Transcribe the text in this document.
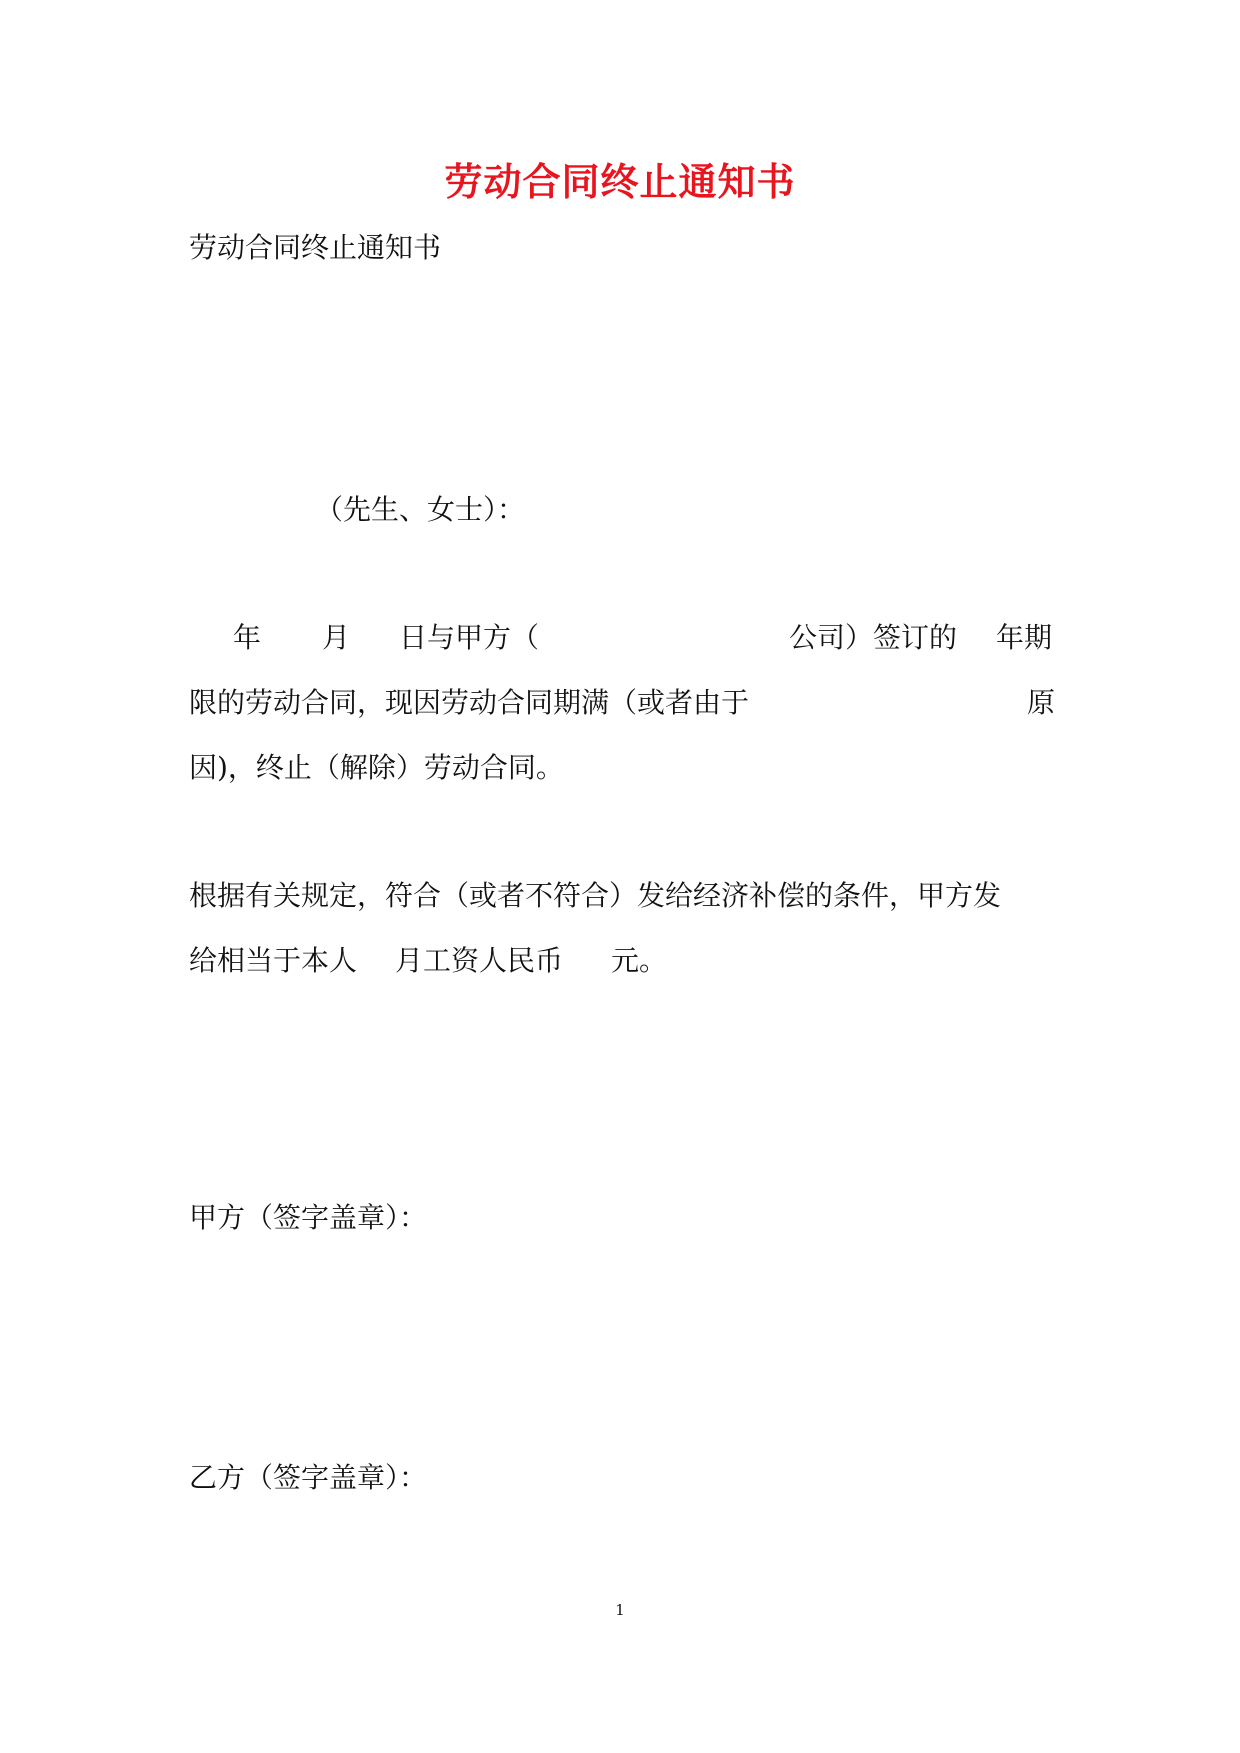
劳动合同终止通知书
劳动合同终止通知书
（先生、女士）：
年 月 日与甲方（	公司）签订的 年期
限的劳动合同，现因劳动合同期满（或者由于	原
因)，终止（解除）劳动合同。
根据有关规定，符合（或者不符合）发给经济补偿的条件，甲方发
给相当于本人 月工资人民币 元。
甲方（签字盖章）：
乙方（签字盖章）：
1
